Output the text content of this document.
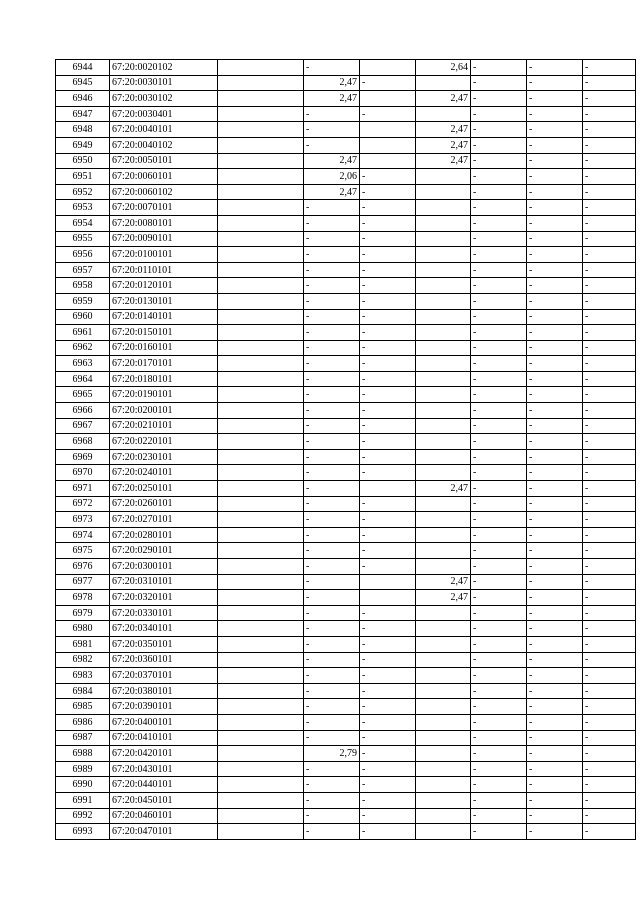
6944	67:20:0020102		-		2,64	-	-	-
6945	67:20:0030101		2,47	-		-	-	-
6946	67:20:0030102		2,47		2,47	-	-	-
6947	67:20:0030401		-	-		-	-	-
6948	67:20:0040101		-		2,47	-	-	-
6949	67:20:0040102		-		2,47	-	-	-
6950	67:20:0050101		2,47		2,47	-	-	-
6951	67:20:0060101		2,06	-		-	-	-
6952	67:20:0060102		2,47	-		-	-	-
6953	67:20:0070101		-	-		-	-	-
6954	67:20:0080101		-	-		-	-	-
6955	67:20:0090101		-	-		-	-	-
6956	67:20:0100101		-	-		-	-	-
6957	67:20:0110101		-	-		-	-	-
6958	67:20:0120101		-	-		-	-	-
6959	67:20:0130101		-	-		-	-	-
6960	67:20:0140101		-	-		-	-	-
6961	67:20:0150101		-	-		-	-	-
6962	67:20:0160101		-	-		-	-	-
6963	67:20:0170101		-	-		-	-	-
6964	67:20:0180101		-	-		-	-	-
6965	67:20:0190101		-	-		-	-	-
6966	67:20:0200101		-	-		-	-	-
6967	67:20:0210101		-	-		-	-	-
6968	67:20:0220101		-	-		-	-	-
6969	67:20:0230101		-	-		-	-	-
6970	67:20:0240101		-	-		-	-	-
6971	67:20:0250101		-		2,47	-	-	-
6972	67:20:0260101		-	-		-	-	-
6973	67:20:0270101		-	-		-	-	-
6974	67:20:0280101		-	-		-	-	-
6975	67:20:0290101		-	-		-	-	-
6976	67:20:0300101		-	-		-	-	-
6977	67:20:0310101		-		2,47	-	-	-
6978	67:20:0320101		-		2,47	-	-	-
6979	67:20:0330101		-	-		-	-	-
6980	67:20:0340101		-	-		-	-	-
6981	67:20:0350101		-	-		-	-	-
6982	67:20:0360101		-	-		-	-	-
6983	67:20:0370101		-	-		-	-	-
6984	67:20:0380101		-	-		-	-	-
6985	67:20:0390101		-	-		-	-	-
6986	67:20:0400101		-	-		-	-	-
6987	67:20:0410101		-	-		-	-	-
6988	67:20:0420101		2,79	-		-	-	-
6989	67:20:0430101		-	-		-	-	-
6990	67:20:0440101		-	-		-	-	-
6991	67:20:0450101		-	-		-	-	-
6992	67:20:0460101		-	-		-	-	-
6993	67:20:0470101		-	-		-	-	-
